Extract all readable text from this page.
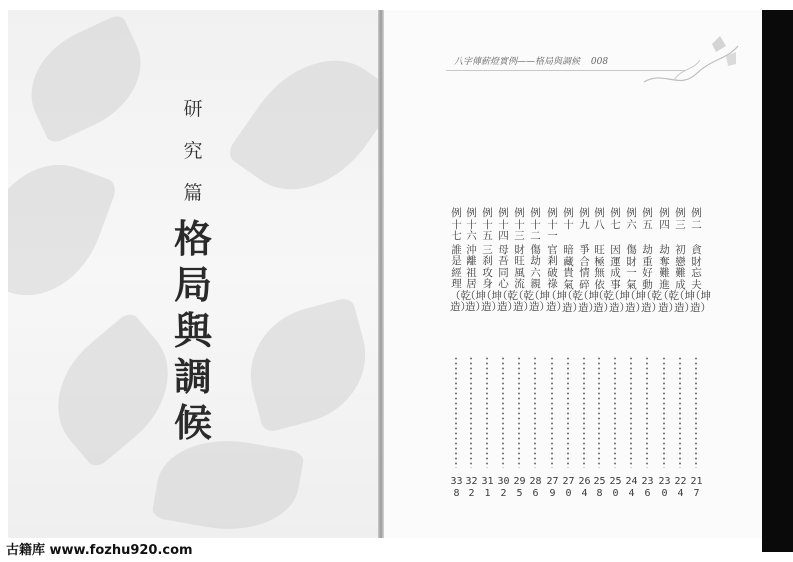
研究篇
格局與調候
八字傳薪燈實例——格局與調候 008
例二
貪財忘夫（坤造）
217
例三
初戀難成（坤造）
224
例四
劫奪難進（乾造）
230
例五
劫重好動（乾造）
236
例六
傷財一氣（坤造）
244
例七
因運成事（坤造）
250
例八
旺極無依（乾造）
258
例九
爭合情碎（坤造）
264
例十
暗藏貴氣（乾造）
270
例十一
官剎破祿（坤造）
279
例十二
傷劫六親（坤造）
286
例十三
財旺風流（乾造）
295
例十四
母吾同心（乾造）
302
例十五
三刹攻身（坤造）
311
例十六
沖離祖居（坤造）
322
例十七
誰是經理（乾造）
338
古籍库 www.fozhu920.com
